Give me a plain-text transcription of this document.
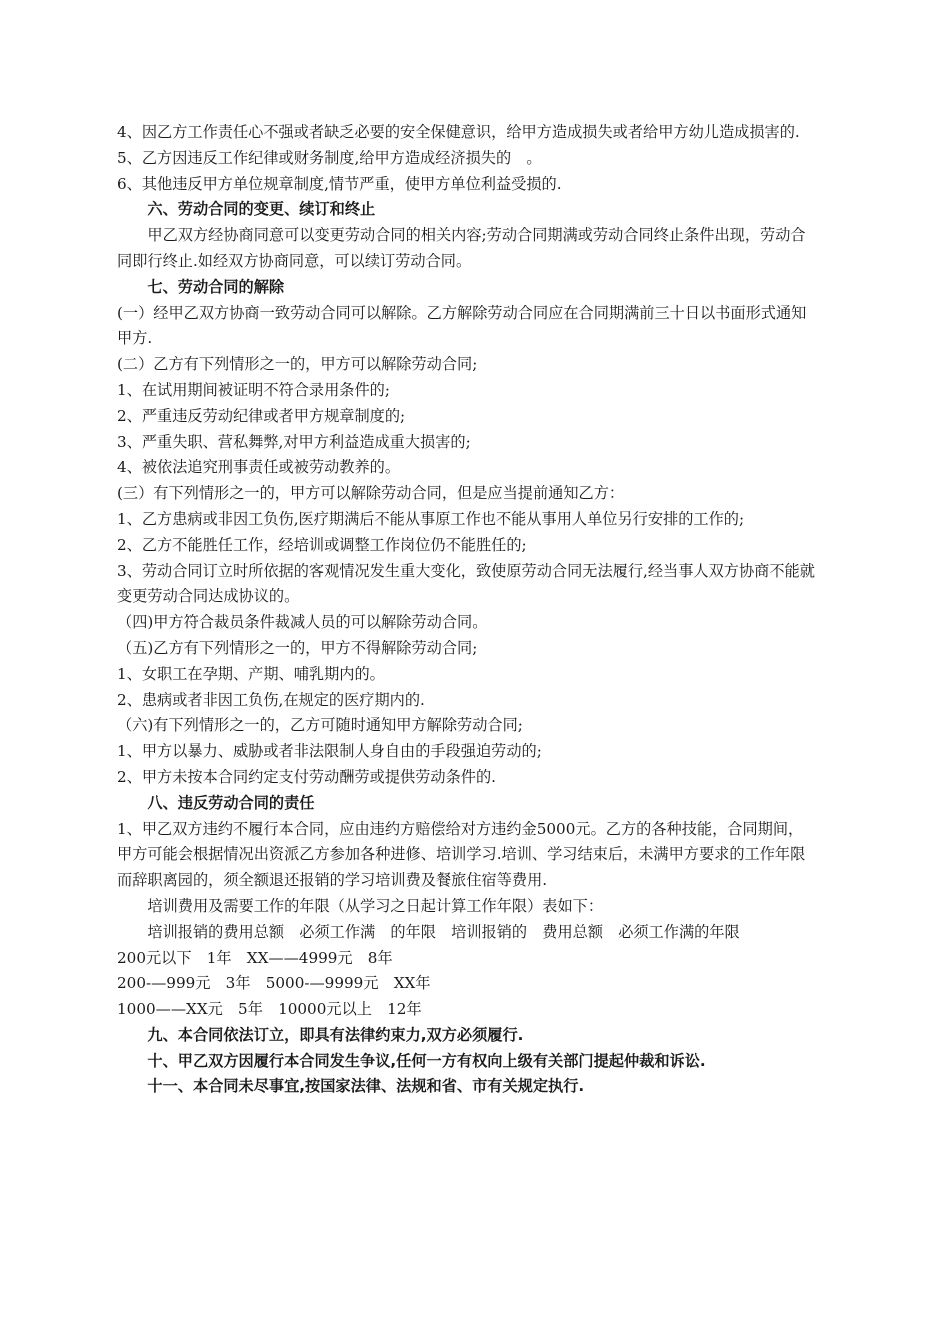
4、因乙方工作责任心不强或者缺乏必要的安全保健意识，给甲方造成损失或者给甲方幼儿造成损害的.

5、乙方因违反工作纪律或财务制度,给甲方造成经济损失的　。

6、其他违反甲方单位规章制度,情节严重，使甲方单位利益受损的.

六、劳动合同的变更、续订和终止

甲乙双方经协商同意可以变更劳动合同的相关内容;劳动合同期满或劳动合同终止条件出现，劳动合同即行终止.如经双方协商同意，可以续订劳动合同。

七、劳动合同的解除

(一）经甲乙双方协商一致劳动合同可以解除。乙方解除劳动合同应在合同期满前三十日以书面形式通知甲方.

(二）乙方有下列情形之一的，甲方可以解除劳动合同;

1、在试用期间被证明不符合录用条件的;

2、严重违反劳动纪律或者甲方规章制度的;

3、严重失职、营私舞弊,对甲方利益造成重大损害的;

4、被依法追究刑事责任或被劳动教养的。

(三）有下列情形之一的，甲方可以解除劳动合同，但是应当提前通知乙方：

1、乙方患病或非因工负伤,医疗期满后不能从事原工作也不能从事用人单位另行安排的工作的;

2、乙方不能胜任工作，经培训或调整工作岗位仍不能胜任的;

3、劳动合同订立时所依据的客观情况发生重大变化，致使原劳动合同无法履行,经当事人双方协商不能就变更劳动合同达成协议的。

（四)甲方符合裁员条件裁减人员的可以解除劳动合同。

（五)乙方有下列情形之一的，甲方不得解除劳动合同;

1、女职工在孕期、产期、哺乳期内的。

2、患病或者非因工负伤,在规定的医疗期内的.

（六)有下列情形之一的，乙方可随时通知甲方解除劳动合同;

1、甲方以暴力、威胁或者非法限制人身自由的手段强迫劳动的;

2、甲方未按本合同约定支付劳动酬劳或提供劳动条件的.

八、违反劳动合同的责任

1、甲乙双方违约不履行本合同，应由违约方赔偿给对方违约金5000元。乙方的各种技能，合同期间，甲方可能会根据情况出资派乙方参加各种进修、培训学习.培训、学习结束后，未满甲方要求的工作年限而辞职离园的，须全额退还报销的学习培训费及餐旅住宿等费用.

培训费用及需要工作的年限（从学习之日起计算工作年限）表如下：

培训报销的费用总额　必须工作满　的年限　培训报销的　费用总额　必须工作满的年限

200元以下　1年　XX——4999元　8年

200-—999元　3年　5000-—9999元　XX年

1000——XX元　5年　10000元以上　12年

九、本合同依法订立，即具有法律约束力,双方必须履行.

十、甲乙双方因履行本合同发生争议,任何一方有权向上级有关部门提起仲裁和诉讼.

十一、本合同未尽事宜,按国家法律、法规和省、市有关规定执行.
